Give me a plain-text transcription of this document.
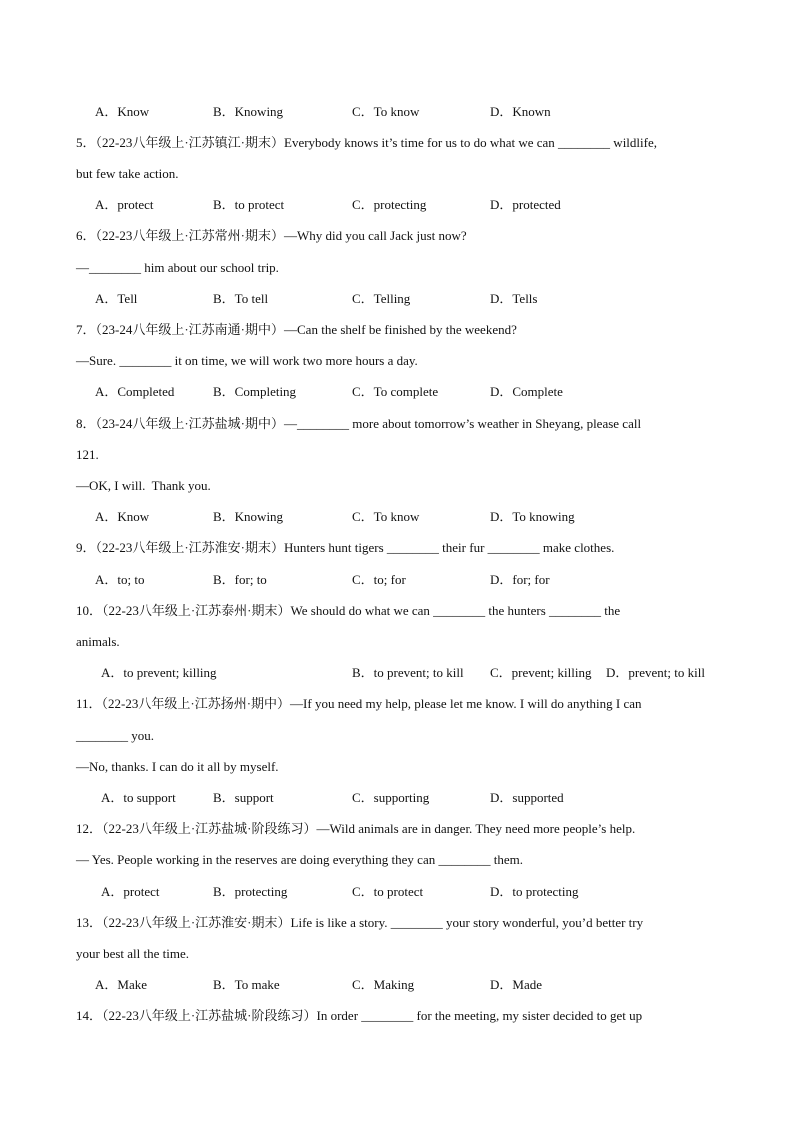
A．Know	B．Knowing	C．To know	D．Known
5．（22-23八年级上·江苏镇江·期末）Everybody knows it’s time for us to do what we can ________ wildlife,
but few take action.
A．protect	B．to protect	C．protecting	D．protected
6．（22-23八年级上·江苏常州·期末）—Why did you call Jack just now?
—________ him about our school trip.
A．Tell	B．To tell	C．Telling	D．Tells
7．（23-24八年级上·江苏南通·期中）—Can the shelf be finished by the weekend?
—Sure. ________ it on time, we will work two more hours a day.
A．Completed	B．Completing	C．To complete	D．Complete
8．（23-24八年级上·江苏盐城·期中）—________ more about tomorrow’s weather in Sheyang, please call
121.
—OK, I will.  Thank you.
A．Know	B．Knowing	C．To know	D．To knowing
9．（22-23八年级上·江苏淮安·期末）Hunters hunt tigers ________ their fur ________ make clothes.
A．to; to	B．for; to	C．to; for	D．for; for
10．（22-23八年级上·江苏泰州·期末）We should do what we can ________ the hunters ________ the
animals.
A．to prevent; killing	B．to prevent; to kill C．prevent; killing D．prevent; to kill
11．（22-23八年级上·江苏扬州·期中）—If you need my help, please let me know. I will do anything I can
________ you.
—No, thanks. I can do it all by myself.
A．to support	B．support	C．supporting	D．supported
12．（22-23八年级上·江苏盐城·阶段练习）—Wild animals are in danger. They need more people’s help.
— Yes. People working in the reserves are doing everything they can ________ them.
A．protect	B．protecting	C．to protect	D．to protecting
13．（22-23八年级上·江苏淮安·期末）Life is like a story. ________ your story wonderful, you’d better try
your best all the time.
A．Make	B．To make	C．Making	D．Made
14．（22-23八年级上·江苏盐城·阶段练习）In order ________ for the meeting, my sister decided to get up
